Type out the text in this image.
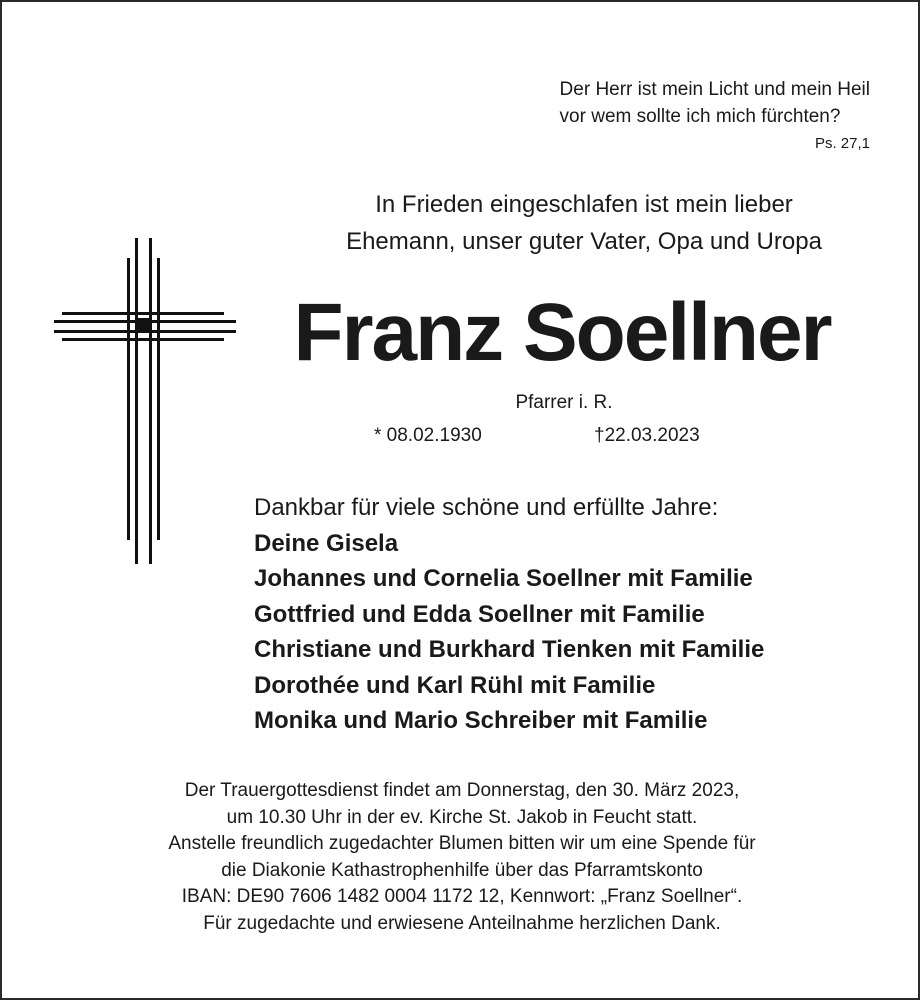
Der Herr ist mein Licht und mein Heil
vor wem sollte ich mich fürchten?
Ps. 27,1
In Frieden eingeschlafen ist mein lieber
Ehemann, unser guter Vater, Opa und Uropa
Franz Soellner
Pfarrer i. R.
* 08.02.1930	†22.03.2023
Dankbar für viele schöne und erfüllte Jahre:
Deine Gisela
Johannes und Cornelia Soellner mit Familie
Gottfried und Edda Soellner mit Familie
Christiane und Burkhard Tienken mit Familie
Dorothée und Karl Rühl mit Familie
Monika und Mario Schreiber mit Familie
Der Trauergottesdienst findet am Donnerstag, den 30. März 2023,
um 10.30 Uhr in der ev. Kirche St. Jakob in Feucht statt.
Anstelle freundlich zugedachter Blumen bitten wir um eine Spende für
die Diakonie Kathastrophenhilfe über das Pfarramtskonto
IBAN: DE90 7606 1482 0004 1172 12, Kennwort: „Franz Soellner“.
Für zugedachte und erwiesene Anteilnahme herzlichen Dank.
